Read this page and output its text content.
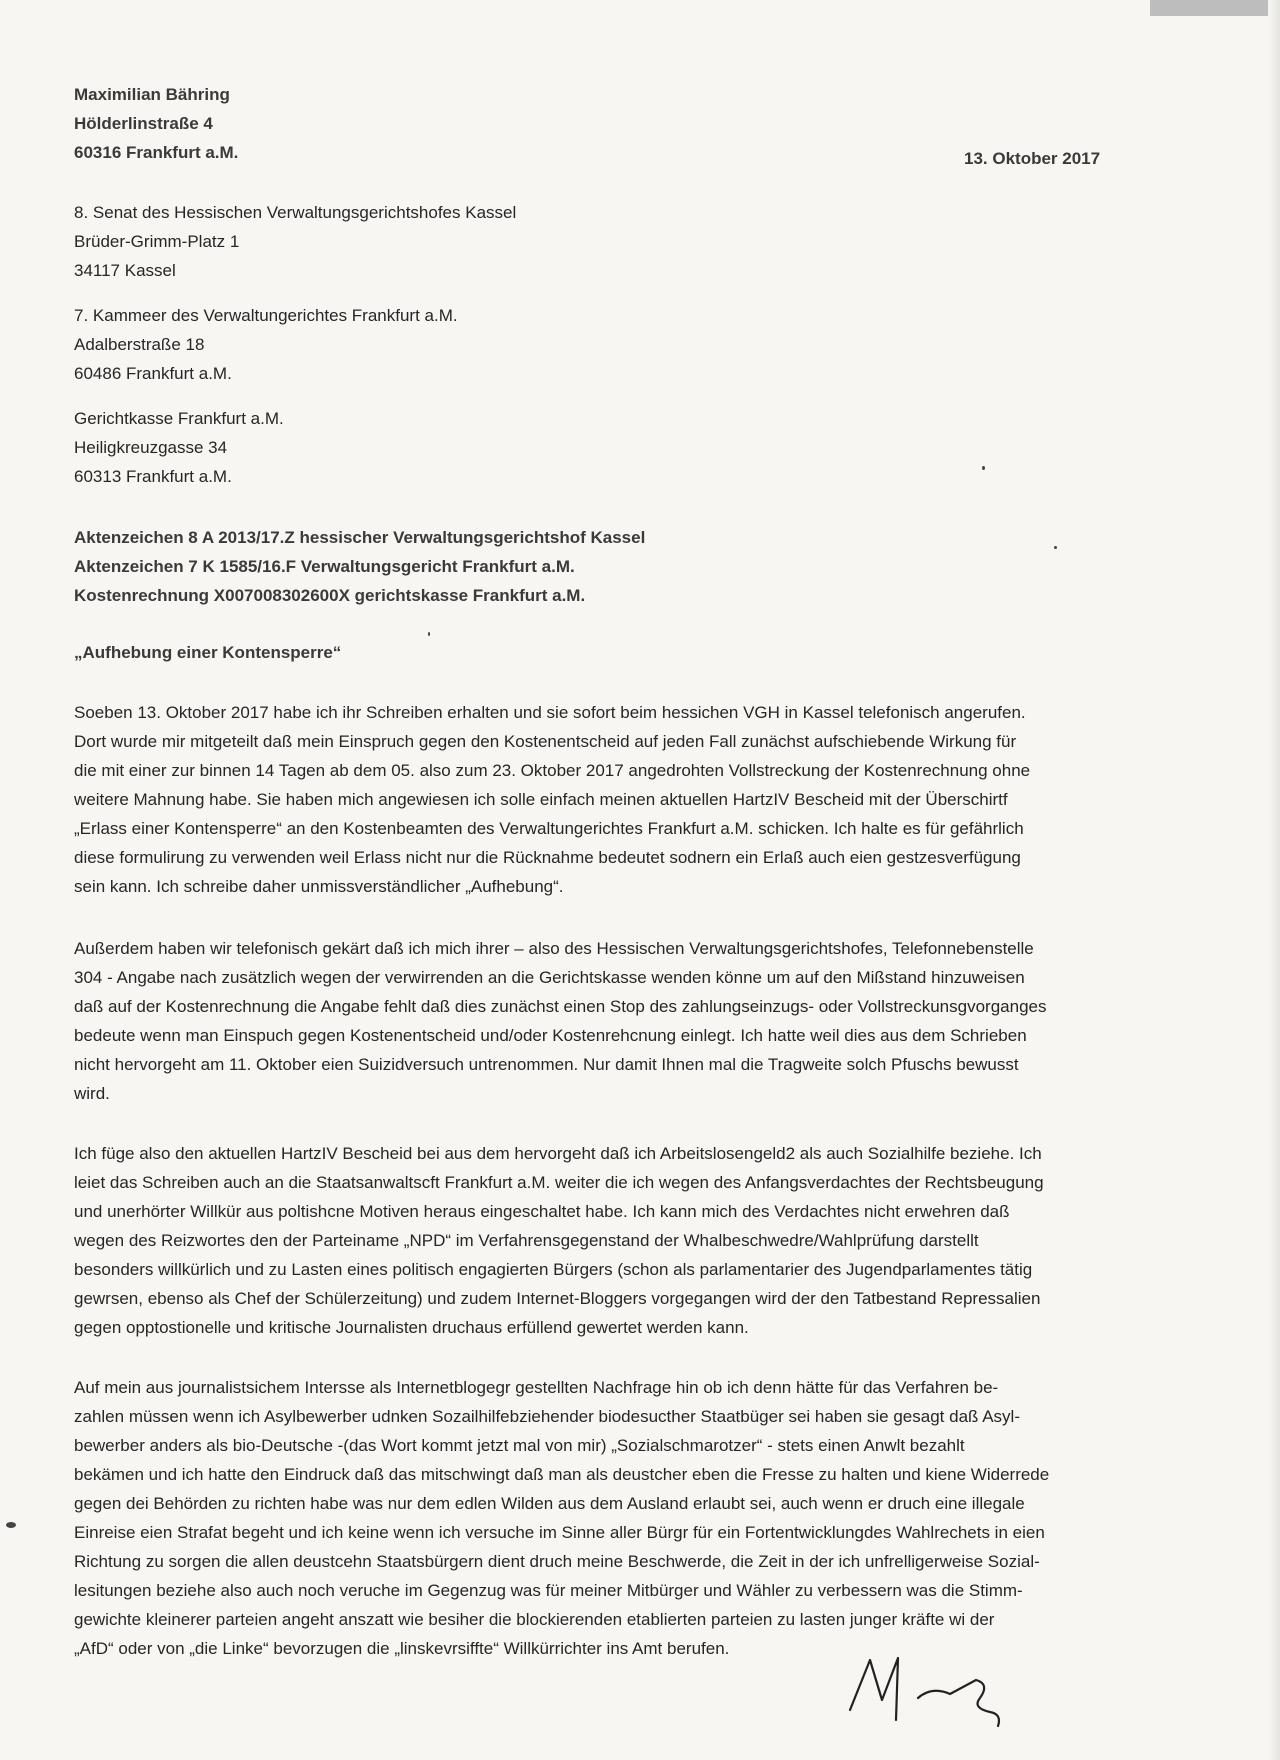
Maximilian Bähring
Hölderlinstraße 4
60316 Frankfurt a.M.	13. Oktober 2017
8. Senat des Hessischen Verwaltungsgerichtshofes Kassel
Brüder-Grimm-Platz 1
34117 Kassel
7. Kammeer des Verwaltungerichtes Frankfurt a.M.
Adalberstraße 18
60486 Frankfurt a.M.
Gerichtkasse Frankfurt a.M.
Heiligkreuzgasse 34
60313 Frankfurt a.M.
Aktenzeichen 8 A 2013/17.Z hessischer Verwaltungsgerichtshof Kassel
Aktenzeichen 7 K 1585/16.F Verwaltungsgericht Frankfurt a.M.
Kostenrechnung X007008302600X gerichtskasse Frankfurt a.M.
„Aufhebung einer Kontensperre“
Soeben 13. Oktober 2017 habe ich ihr Schreiben erhalten und sie sofort beim hessichen VGH in Kassel telefonisch angerufen.
Dort wurde mir mitgeteilt daß mein Einspruch gegen den Kostenentscheid auf jeden Fall zunächst aufschiebende Wirkung für
die mit einer zur binnen 14 Tagen ab dem 05. also zum 23. Oktober 2017 angedrohten Vollstreckung der Kostenrechnung ohne
weitere Mahnung habe. Sie haben mich angewiesen ich solle einfach meinen aktuellen HartzIV Bescheid mit der Überschirtf
„Erlass einer Kontensperre“ an den Kostenbeamten des Verwaltungerichtes Frankfurt a.M. schicken. Ich halte es für gefährlich
diese formulirung zu verwenden weil Erlass nicht nur die Rücknahme bedeutet sodnern ein Erlaß auch eien gestzesverfügung
sein kann. Ich schreibe daher unmissverständlicher „Aufhebung“.
Außerdem haben wir telefonisch gekärt daß ich mich ihrer – also des Hessischen Verwaltungsgerichtshofes, Telefonnebenstelle
304 - Angabe nach zusätzlich wegen der verwirrenden an die Gerichtskasse wenden könne um auf den Mißstand hinzuweisen
daß auf der Kostenrechnung die Angabe fehlt daß dies zunächst einen Stop des zahlungseinzugs- oder Vollstreckunsgvorganges
bedeute wenn man Einspuch gegen Kostenentscheid und/oder Kostenrehcnung einlegt. Ich hatte weil dies aus dem Schrieben
nicht hervorgeht am 11. Oktober eien Suizidversuch untrenommen. Nur damit Ihnen mal die Tragweite solch Pfuschs bewusst
wird.
Ich füge also den aktuellen HartzIV Bescheid bei aus dem hervorgeht daß ich Arbeitslosengeld2 als auch Sozialhilfe beziehe. Ich
leiet das Schreiben auch an die Staatsanwaltscft Frankfurt a.M. weiter die ich wegen des Anfangsverdachtes der Rechtsbeugung
und unerhörter Willkür aus poltishcne Motiven heraus eingeschaltet habe. Ich kann mich des Verdachtes nicht erwehren daß
wegen des Reizwortes den der Parteiname „NPD“ im Verfahrensgegenstand der Whalbeschwedre/Wahlprüfung darstellt
besonders willkürlich und zu Lasten eines politisch engagierten Bürgers (schon als parlamentarier des Jugendparlamentes tätig
gewrsen, ebenso als Chef der Schülerzeitung) und zudem Internet-Bloggers vorgegangen wird der den Tatbestand Repressalien
gegen opptostionelle und kritische Journalisten druchaus erfüllend gewertet werden kann.
Auf mein aus journalistsichem Intersse als Internetblogegr gestellten Nachfrage hin ob ich denn hätte für das Verfahren be-
zahlen müssen wenn ich Asylbewerber udnken Sozailhilfebziehender biodesucther Staatbüger sei haben sie gesagt daß Asyl-
bewerber anders als bio-Deutsche -(das Wort kommt jetzt mal von mir) „Sozialschmarotzer“ - stets einen Anwlt bezahlt
bekämen und ich hatte den Eindruck daß das mitschwingt daß man als deustcher eben die Fresse zu halten und kiene Widerrede
gegen dei Behörden zu richten habe was nur dem edlen Wilden aus dem Ausland erlaubt sei, auch wenn er druch eine illegale
Einreise eien Strafat begeht und ich keine wenn ich versuche im Sinne aller Bürgr für ein Fortentwicklungdes Wahlrechets in eien
Richtung zu sorgen die allen deustcehn Staatsbürgern dient druch meine Beschwerde, die Zeit in der ich unfrelligerweise Sozial-
lesitungen beziehe also auch noch veruche im Gegenzug was für meiner Mitbürger und Wähler zu verbessern was die Stimm-
gewichte kleinerer parteien angeht anszatt wie besiher die blockierenden etablierten parteien zu lasten junger kräfte wi der
„AfD“ oder von „die Linke“ bevorzugen die „linskevrsiffte“ Willkürrichter ins Amt berufen.
